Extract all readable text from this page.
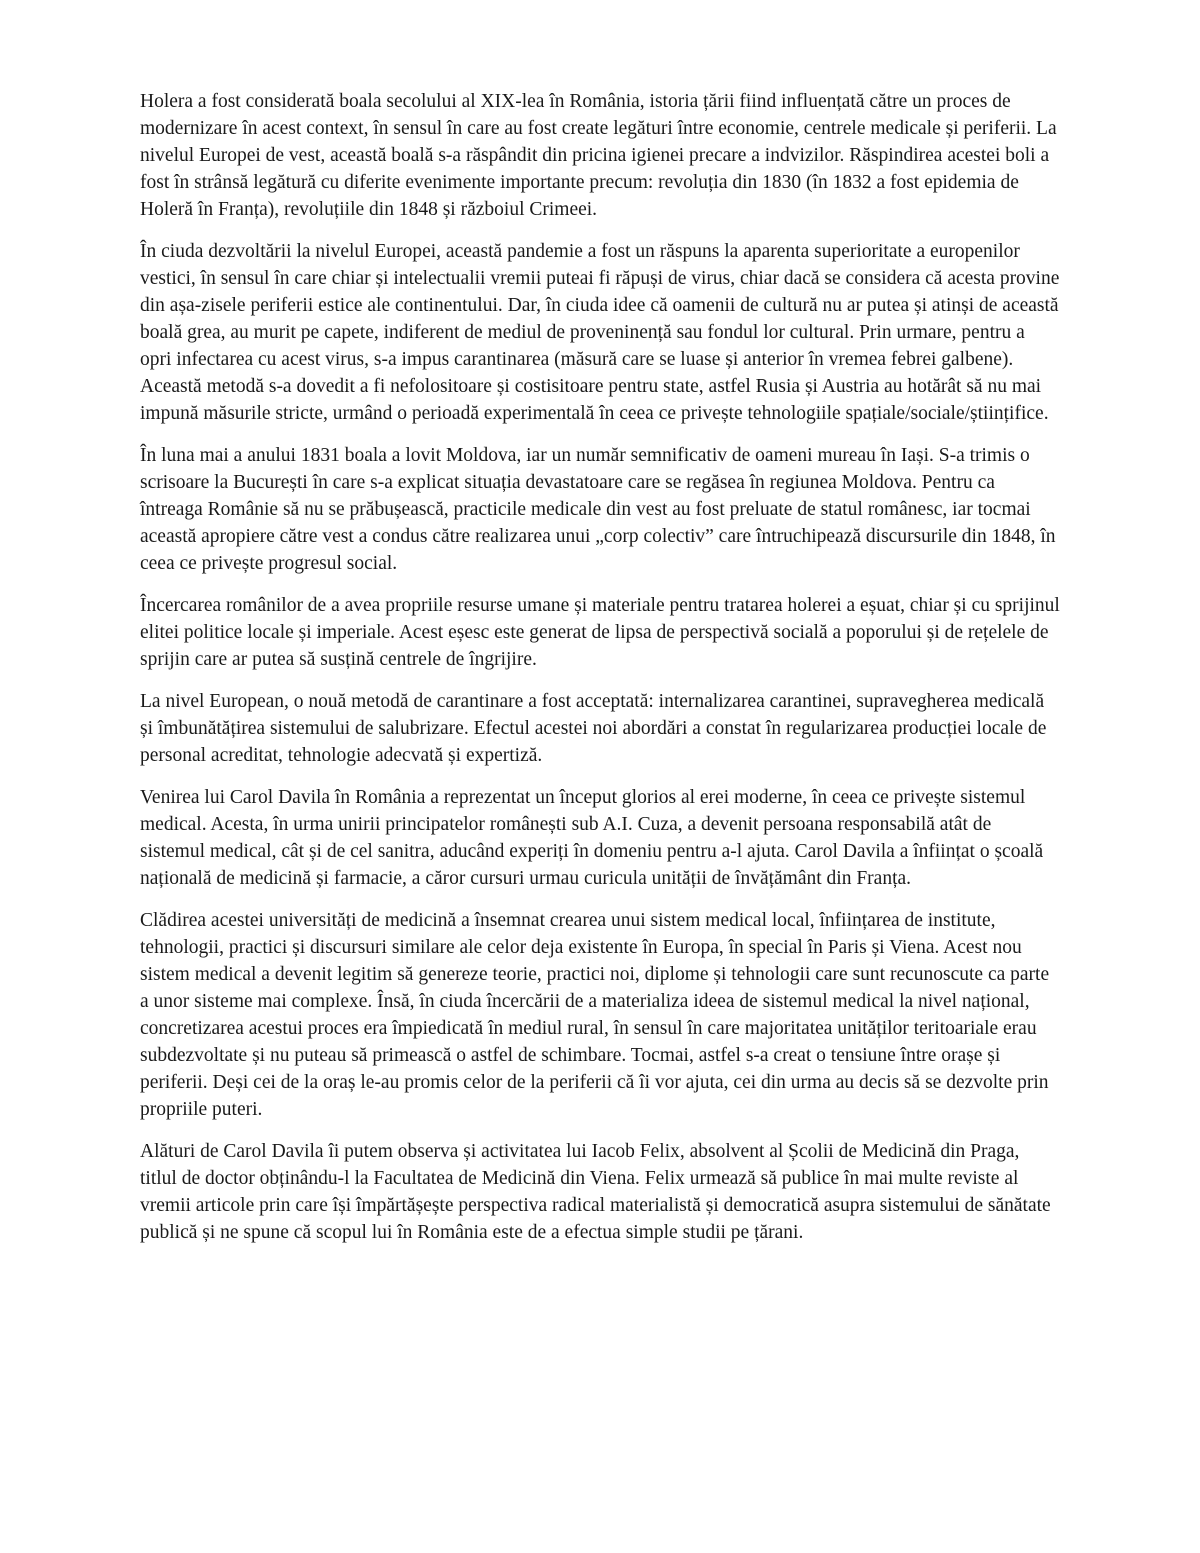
Holera a fost considerată boala secolului al XIX-lea în România, istoria țării fiind influențată către un proces de modernizare în acest context, în sensul în care au fost create legături între economie, centrele medicale și periferii. La nivelul Europei de vest, această boală s-a răspândit din pricina igienei precare a indvizilor. Răspindirea acestei boli a fost în strânsă legătură cu diferite evenimente importante precum: revoluția din 1830 (în 1832 a fost epidemia de Holeră în Franța), revoluțiile din 1848 și războiul Crimeei.

În ciuda dezvoltării la nivelul Europei, această pandemie a fost un răspuns la aparenta superioritate a europenilor vestici, în sensul în care chiar și intelectualii vremii puteai fi răpuși de virus, chiar dacă se considera că acesta provine din așa-zisele periferii estice ale continentului. Dar, în ciuda idee că oamenii de cultură nu ar putea și atinși de această boală grea, au murit pe capete, indiferent de mediul de proveninență sau fondul lor cultural. Prin urmare, pentru a opri infectarea cu acest virus, s-a impus carantinarea (măsură care se luase și anterior în vremea febrei galbene). Această metodă s-a dovedit a fi nefolositoare și costisitoare pentru state, astfel Rusia și Austria au hotărât să nu mai impună măsurile stricte, urmând o perioadă experimentală în ceea ce privește tehnologiile spațiale/sociale/științifice.

În luna mai a anului 1831 boala a lovit Moldova, iar un număr semnificativ de oameni mureau în Iași. S-a trimis o scrisoare la București în care s-a explicat situația devastatoare care se regăsea în regiunea Moldova. Pentru ca întreaga Românie să nu se prăbușească, practicile medicale din vest au fost preluate de statul românesc, iar tocmai această apropiere către vest a condus către realizarea unui „corp colectiv” care întruchipează discursurile din 1848, în ceea ce privește progresul social.

Încercarea românilor de a avea propriile resurse umane și materiale pentru tratarea holerei a eșuat, chiar și cu sprijinul elitei politice locale și imperiale. Acest eșesc este generat de lipsa de perspectivă socială a poporului și de rețelele de sprijin care ar putea să susțină centrele de îngrijire.

La nivel European, o nouă metodă de carantinare a fost acceptată: internalizarea carantinei, supravegherea medicală și îmbunătățirea sistemului de salubrizare. Efectul acestei noi abordări a constat în regularizarea producției locale de personal acreditat, tehnologie adecvată și expertiză.

Venirea lui Carol Davila în România a reprezentat un început glorios al erei moderne, în ceea ce privește sistemul medical. Acesta, în urma unirii principatelor românești sub A.I. Cuza, a devenit persoana responsabilă atât de sistemul medical, cât și de cel sanitra, aducând experiți în domeniu pentru a-l ajuta. Carol Davila a înființat o școală națională de medicină și farmacie, a căror cursuri urmau curicula unității de învățământ din Franța.

Clădirea acestei universități de medicină a însemnat crearea unui sistem medical local, înființarea de institute, tehnologii, practici și discursuri similare ale celor deja existente în Europa, în special în Paris și Viena. Acest nou sistem medical a devenit legitim să genereze teorie, practici noi, diplome și tehnologii care sunt recunoscute ca parte a unor sisteme mai complexe. Însă, în ciuda încercării de a materializa ideea de sistemul medical la nivel național, concretizarea acestui proces era împiedicată în mediul rural, în sensul în care majoritatea unităților teritoariale erau subdezvoltate și nu puteau să primească o astfel de schimbare. Tocmai, astfel s-a creat o tensiune între orașe și periferii. Deși cei de la oraș le-au promis celor de la periferii că îi vor ajuta, cei din urma au decis să se dezvolte prin propriile puteri.

Alături de Carol Davila îi putem observa și activitatea lui Iacob Felix, absolvent al Școlii de Medicină din Praga, titlul de doctor obținându-l la Facultatea de Medicină din Viena. Felix urmează să publice în mai multe reviste al vremii articole prin care își împărtășește perspectiva radical materialistă și democratică asupra sistemului de sănătate publică și ne spune că scopul lui în România este de a efectua simple studii pe țărani.
